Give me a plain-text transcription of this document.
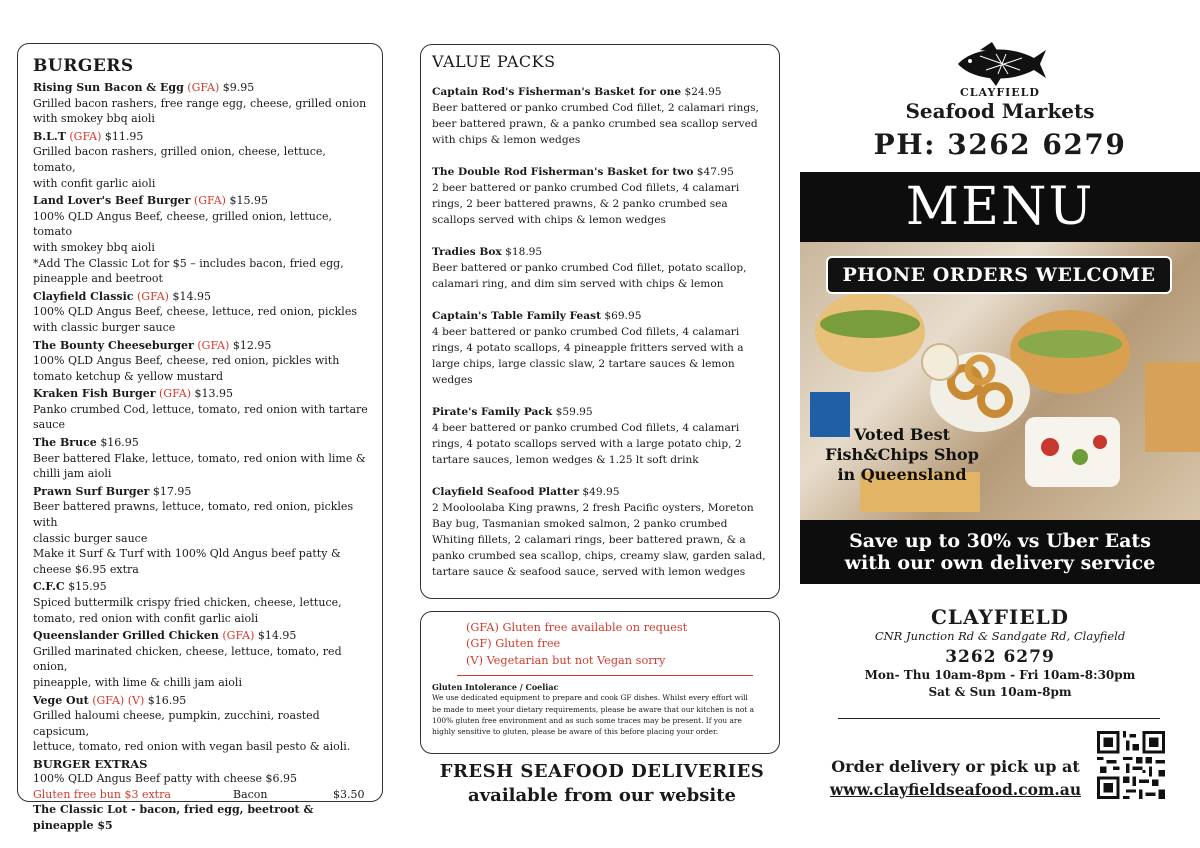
BURGERS
Rising Sun Bacon & Egg (GFA) $9.95
Grilled bacon rashers, free range egg, cheese, grilled onion
with smokey bbq aioli
B.L.T (GFA) $11.95
Grilled bacon rashers, grilled onion, cheese, lettuce, tomato,
with confit garlic aioli
Land Lover's Beef Burger (GFA) $15.95
100% QLD Angus Beef, cheese, grilled onion, lettuce, tomato
with smokey bbq aioli
*Add The Classic Lot for $5 – includes bacon, fried egg,
pineapple and beetroot
Clayfield Classic (GFA) $14.95
100% QLD Angus Beef, cheese, lettuce, red onion, pickles
with classic burger sauce
The Bounty Cheeseburger (GFA) $12.95
100% QLD Angus Beef, cheese, red onion, pickles with
tomato ketchup & yellow mustard
Kraken Fish Burger (GFA) $13.95
Panko crumbed Cod, lettuce, tomato, red onion with tartare
sauce
The Bruce $16.95
Beer battered Flake, lettuce, tomato, red onion with lime &
chilli jam aioli
Prawn Surf Burger $17.95
Beer battered prawns, lettuce, tomato, red onion, pickles with
classic burger sauce
Make it Surf & Turf with 100% Qld Angus beef patty &
cheese $6.95 extra
C.F.C $15.95
Spiced buttermilk crispy fried chicken, cheese, lettuce,
tomato, red onion with confit garlic aioli
Queenslander Grilled Chicken (GFA) $14.95
Grilled marinated chicken, cheese, lettuce, tomato, red onion,
pineapple, with lime & chilli jam aioli
Vege Out (GFA) (V) $16.95
Grilled haloumi cheese, pumpkin, zucchini, roasted capsicum,
lettuce, tomato, red onion with vegan basil pesto & aioli.
BURGER EXTRAS
100% QLD Angus Beef patty with cheese $6.95
Gluten free bun $3 extra	Bacon	$3.50
The Classic Lot - bacon, fried egg, beetroot & pineapple $5
VALUE PACKS
Captain Rod's Fisherman's Basket for one $24.95
Beer battered or panko crumbed Cod fillet, 2 calamari rings,
beer battered prawn, & a panko crumbed sea scallop served
with chips & lemon wedges
The Double Rod Fisherman's Basket for two $47.95
2 beer battered or panko crumbed Cod fillets, 4 calamari
rings, 2 beer battered prawns, & 2 panko crumbed sea
scallops served with chips & lemon wedges
Tradies Box $18.95
Beer battered or panko crumbed Cod fillet, potato scallop,
calamari ring, and dim sim served with chips & lemon
Captain's Table Family Feast $69.95
4 beer battered or panko crumbed Cod fillets, 4 calamari
rings, 4 potato scallops, 4 pineapple fritters served with a
large chips, large classic slaw, 2 tartare sauces & lemon
wedges
Pirate's Family Pack $59.95
4 beer battered or panko crumbed Cod fillets, 4 calamari
rings, 4 potato scallops served with a large potato chip, 2
tartare sauces, lemon wedges & 1.25 lt soft drink
Clayfield Seafood Platter $49.95
2 Mooloolaba King prawns, 2 fresh Pacific oysters, Moreton
Bay bug, Tasmanian smoked salmon, 2 panko crumbed
Whiting fillets, 2 calamari rings, beer battered prawn, & a
panko crumbed sea scallop, chips, creamy slaw, garden salad,
tartare sauce & seafood sauce, served with lemon wedges
(GFA) Gluten free available on request
(GF) Gluten free
(V) Vegetarian but not Vegan sorry
Gluten Intolerance / Coeliac
We use dedicated equipment to prepare and cook GF dishes. Whilst every effort will
be made to meet your dietary requirements, please be aware that our kitchen is not a
100% gluten free environment and as such some traces may be present. If you are
highly sensitive to gluten, please be aware of this before placing your order.
FRESH SEAFOOD DELIVERIES
available from our website
CLAYFIELD
Seafood Markets
PH: 3262 6279
MENU
PHONE ORDERS WELCOME
Voted Best
Fish&Chips Shop
in Queensland
Save up to 30% vs Uber Eats
with our own delivery service
CLAYFIELD
CNR Junction Rd & Sandgate Rd, Clayfield
3262 6279
Mon- Thu 10am-8pm - Fri 10am-8:30pm
Sat & Sun 10am-8pm
Order delivery or pick up at
www.clayfieldseafood.com.au
